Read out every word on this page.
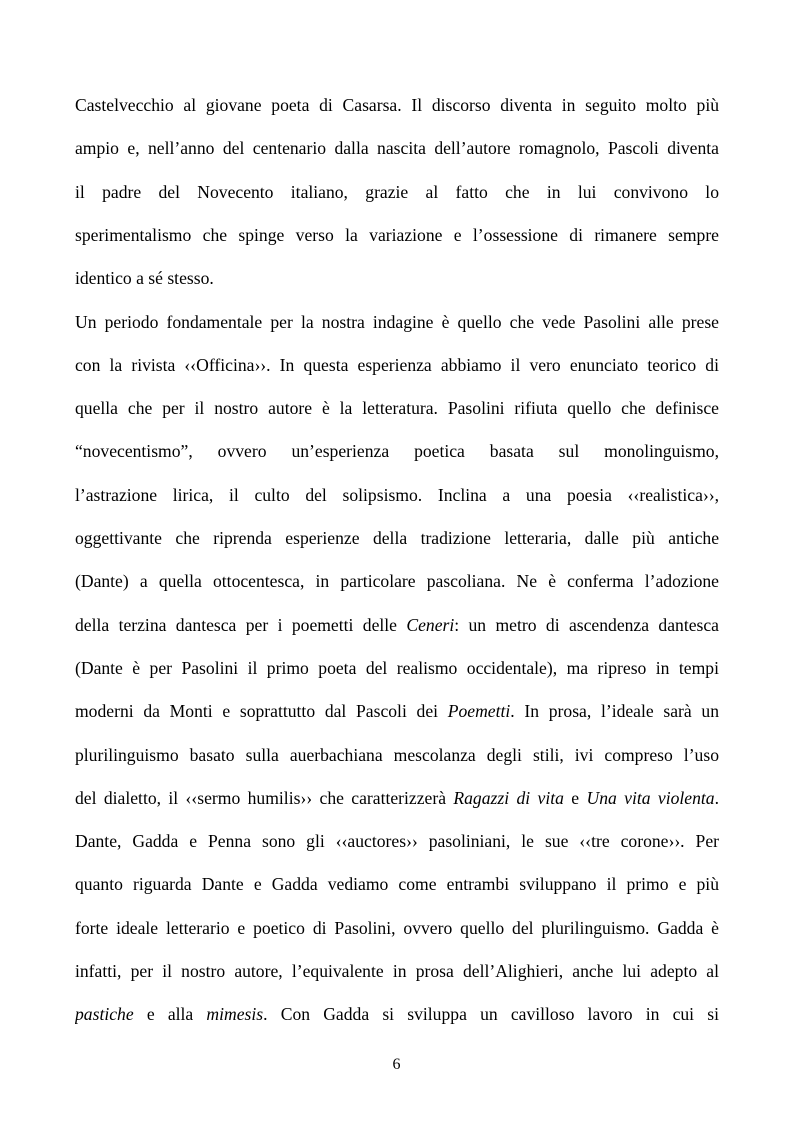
Castelvecchio al giovane poeta di Casarsa. Il discorso diventa in seguito molto più
ampio e, nell’anno del centenario dalla nascita dell’autore romagnolo, Pascoli diventa
il padre del Novecento italiano, grazie al fatto che in lui convivono lo
sperimentalismo che spinge verso la variazione e l’ossessione di rimanere sempre
identico a sé stesso.
Un periodo fondamentale per la nostra indagine è quello che vede Pasolini alle prese
con la rivista ‹‹Officina››. In questa esperienza abbiamo il vero enunciato teorico di
quella che per il nostro autore è la letteratura. Pasolini rifiuta quello che definisce
“novecentismo”, ovvero un’esperienza poetica basata sul monolinguismo,
l’astrazione lirica, il culto del solipsismo. Inclina a una poesia ‹‹realistica››,
oggettivante che riprenda esperienze della tradizione letteraria, dalle più antiche
(Dante) a quella ottocentesca, in particolare pascoliana. Ne è conferma l’adozione
della terzina dantesca per i poemetti delle Ceneri: un metro di ascendenza dantesca
(Dante è per Pasolini il primo poeta del realismo occidentale), ma ripreso in tempi
moderni da Monti e soprattutto dal Pascoli dei Poemetti. In prosa, l’ideale sarà un
plurilinguismo basato sulla auerbachiana mescolanza degli stili, ivi compreso l’uso
del dialetto, il ‹‹sermo humilis›› che caratterizzerà Ragazzi di vita e Una vita violenta.
Dante, Gadda e Penna sono gli ‹‹auctores›› pasoliniani, le sue ‹‹tre corone››. Per
quanto riguarda Dante e Gadda vediamo come entrambi sviluppano il primo e più
forte ideale letterario e poetico di Pasolini, ovvero quello del plurilinguismo. Gadda è
infatti, per il nostro autore, l’equivalente in prosa dell’Alighieri, anche lui adepto al
pastiche e alla mimesis. Con Gadda si sviluppa un cavilloso lavoro in cui si
6
